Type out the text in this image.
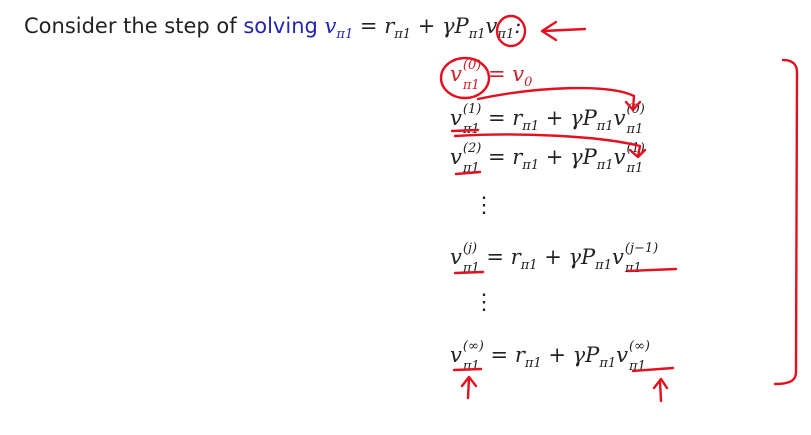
Consider the step of solving $v_{\pi 1} = r_{\pi 1} + \gamma P_{\pi 1}v_{\pi 1}$:
v (0)
$\pi 1 = v_0$
v (1)
$\pi 1 = r_{\pi 1} + \gamma P_{\pi 1}v$ (0)
π1
v (2)
$\pi 1 = r_{\pi 1} + \gamma P_{\pi 1}v$ (1)
π1
⋮
v (j)
$\pi 1 = r_{\pi 1} + \gamma P_{\pi 1}v$ (j−1)
π1
⋮
v (∞)
$\pi 1 = r_{\pi 1} + \gamma P_{\pi 1}v$ (∞)
π1
